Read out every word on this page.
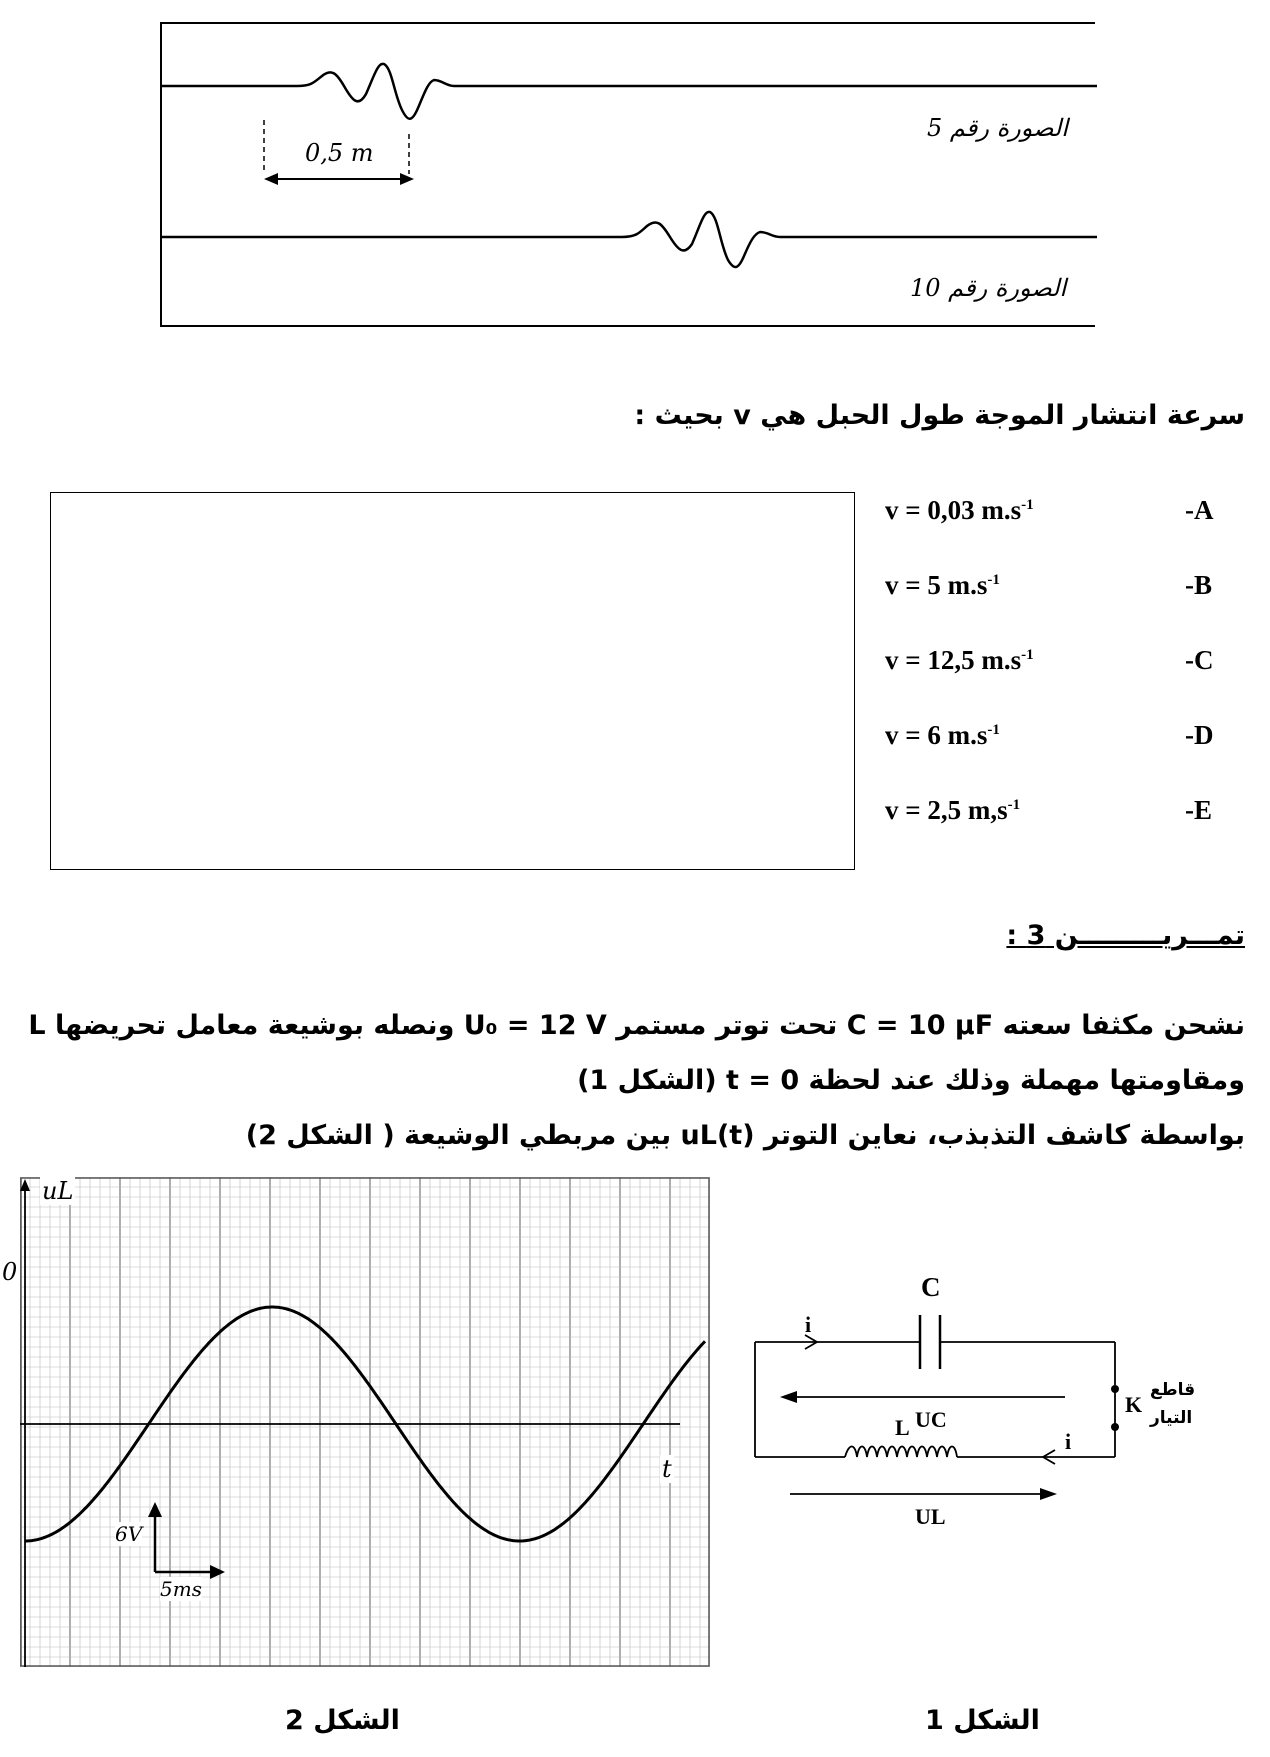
0,5 m
الصورة رقم 5
الصورة رقم 10
سرعة انتشار الموجة طول الحبل هي v بحيث :
v = 0,03 $m.s^{-1}$	-A
v = 5 $m.s^{-1}$	-B
v = 12,5 $m.s^{-1}$	-C
v = 6 $m.s^{-1}$	-D
v = 2,5 $m,s^{-1}$	-E
تمـــريـــــــــن 3 :
نشحن مكثفا سعته C = 10 μF تحت توتر مستمر U₀ = 12 V ونصله بوشيعة معامل تحريضها L
ومقاومتها مهملة وذلك عند لحظة t = 0 (الشكل 1)
بواسطة كاشف التذبذب، نعاين التوتر uL(t) بين مربطي الوشيعة ( الشكل 2)
uL
t
6V
5ms
0
الشكل 2
C
i
i
UC
L
UL
K
قاطع
التيار
الشكل 1
